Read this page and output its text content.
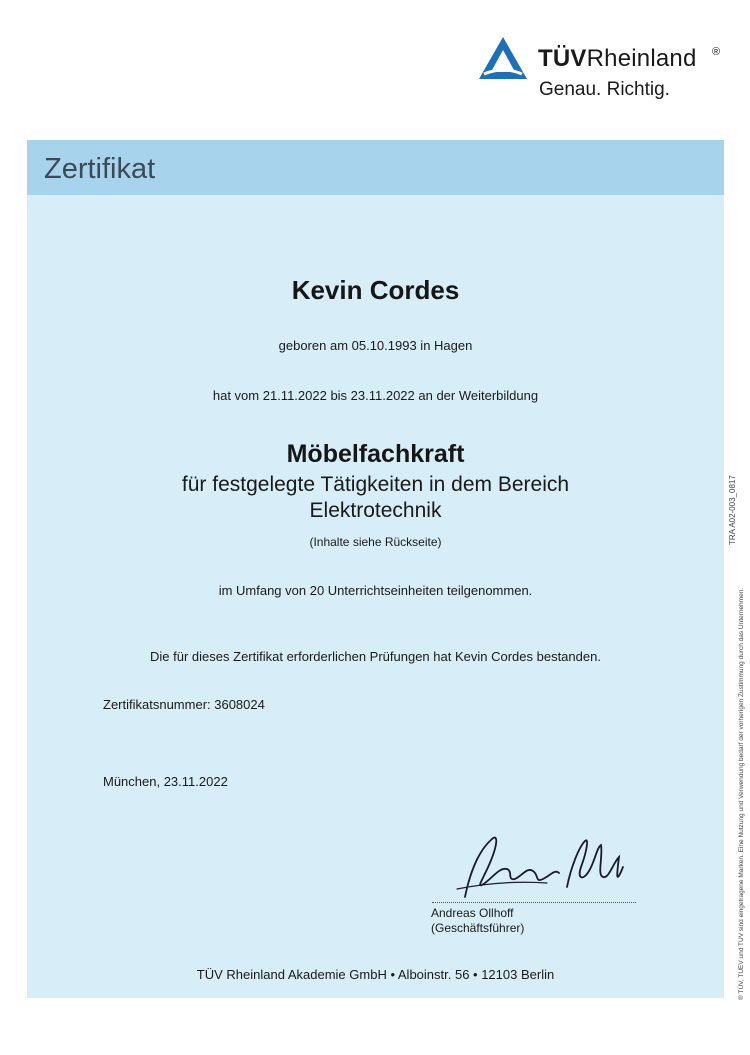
TÜVRheinland ®
Genau. Richtig.
Zertifikat
Kevin Cordes
geboren am 05.10.1993 in Hagen
hat vom 21.11.2022 bis 23.11.2022 an der Weiterbildung
Möbelfachkraft
für festgelegte Tätigkeiten in dem Bereich
Elektrotechnik
(Inhalte siehe Rückseite)
im Umfang von 20 Unterrichtseinheiten teilgenommen.
Die für dieses Zertifikat erforderlichen Prüfungen hat Kevin Cordes bestanden.
Zertifikatsnummer: 3608024
München, 23.11.2022
Andreas Ollhoff
(Geschäftsführer)
TÜV Rheinland Akademie GmbH • Alboinstr. 56 • 12103 Berlin
TRA A02-003_0817
® TÜV, TUEV und TUV sind eingetragene Marken. Eine Nutzung und Verwendung bedarf der vorherigen Zustimmung durch das Unternehmen.
